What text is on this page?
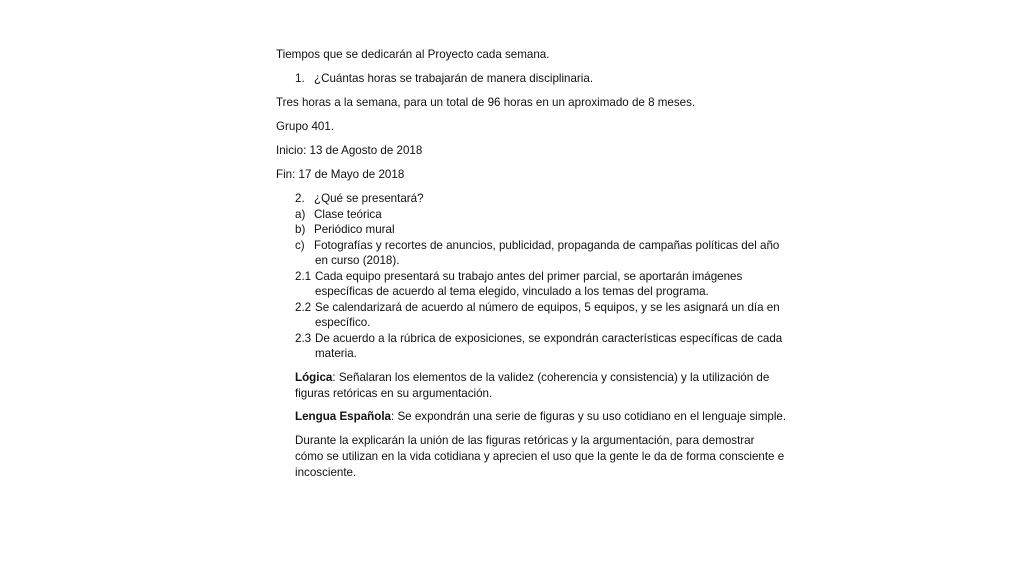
Tiempos que se dedicarán al Proyecto cada semana.
1. ¿Cuántas horas se trabajarán de manera disciplinaria.
Tres horas a la semana, para un total de 96 horas en un aproximado de 8 meses.
Grupo 401.
Inicio: 13 de Agosto de 2018
Fin: 17 de Mayo de 2018
2. ¿Qué se presentará?
a) Clase teórica
b) Periódico mural
c) Fotografías y recortes de anuncios, publicidad, propaganda de campañas políticas del año
en curso (2018).
2.1 Cada equipo presentará su trabajo antes del primer parcial, se aportarán imágenes
específicas de acuerdo al tema elegido, vinculado a los temas del programa.
2.2 Se calendarizará de acuerdo al número de equipos, 5 equipos, y se les asignará un día en
específico.
2.3 De acuerdo a la rúbrica de exposiciones, se expondrán características específicas de cada
materia.
Lógica: Señalaran los elementos de la validez (coherencia y consistencia) y la utilización de
figuras retóricas en su argumentación.
Lengua Española: Se expondrán una serie de figuras y su uso cotidiano en el lenguaje simple.
Durante la explicarán la unión de las figuras retóricas y la argumentación, para demostrar
cómo se utilizan en la vida cotidiana y aprecien el uso que la gente le da de forma consciente e
incosciente.
